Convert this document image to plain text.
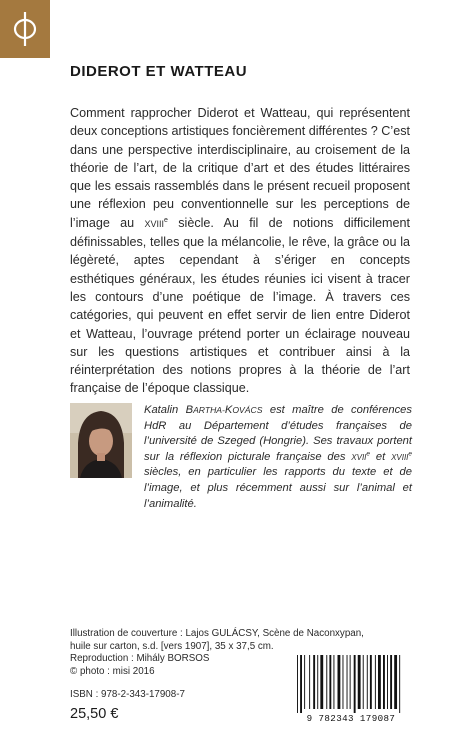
DIDEROT ET WATTEAU

Comment rapprocher Diderot et Watteau, qui représentent deux conceptions artistiques foncièrement différentes ? C’est dans une perspective interdisciplinaire, au croisement de la théorie de l’art, de la critique d’art et des études littéraires que les essais rassemblés dans le présent recueil proposent une réflexion peu conventionnelle sur les perceptions de l’image au XVIIIe siècle. Au fil de notions difficilement définissables, telles que la mélancolie, le rêve, la grâce ou la légèreté, aptes cependant à s’ériger en concepts esthétiques généraux, les études réunies ici visent à tracer les contours d’une poétique de l’image. À travers ces catégories, qui peuvent en effet servir de lien entre Diderot et Watteau, l’ouvrage prétend porter un éclairage nouveau sur les questions artistiques et contribuer ainsi à la réinterprétation des notions propres à la théorie de l’art française de l’époque classique.

Katalin BARTHA-KOVÁCS est maître de conférences HdR au Département d’études françaises de l’université de Szeged (Hongrie). Ses travaux portent sur la réflexion picturale française des XVIIe et XVIIIe siècles, en particulier les rapports du texte et de l’image, et plus récemment aussi sur l’animal et l’animalité.

Illustration de couverture : Lajos GULÁCSY, Scène de Naconxypan,
huile sur carton, s.d. [vers 1907], 35 x 37,5 cm.
Reproduction : Mihály BORSOS
© photo : misi 2016
ISBN : 978-2-343-17908-7
25,50 €	9 782343 179087
